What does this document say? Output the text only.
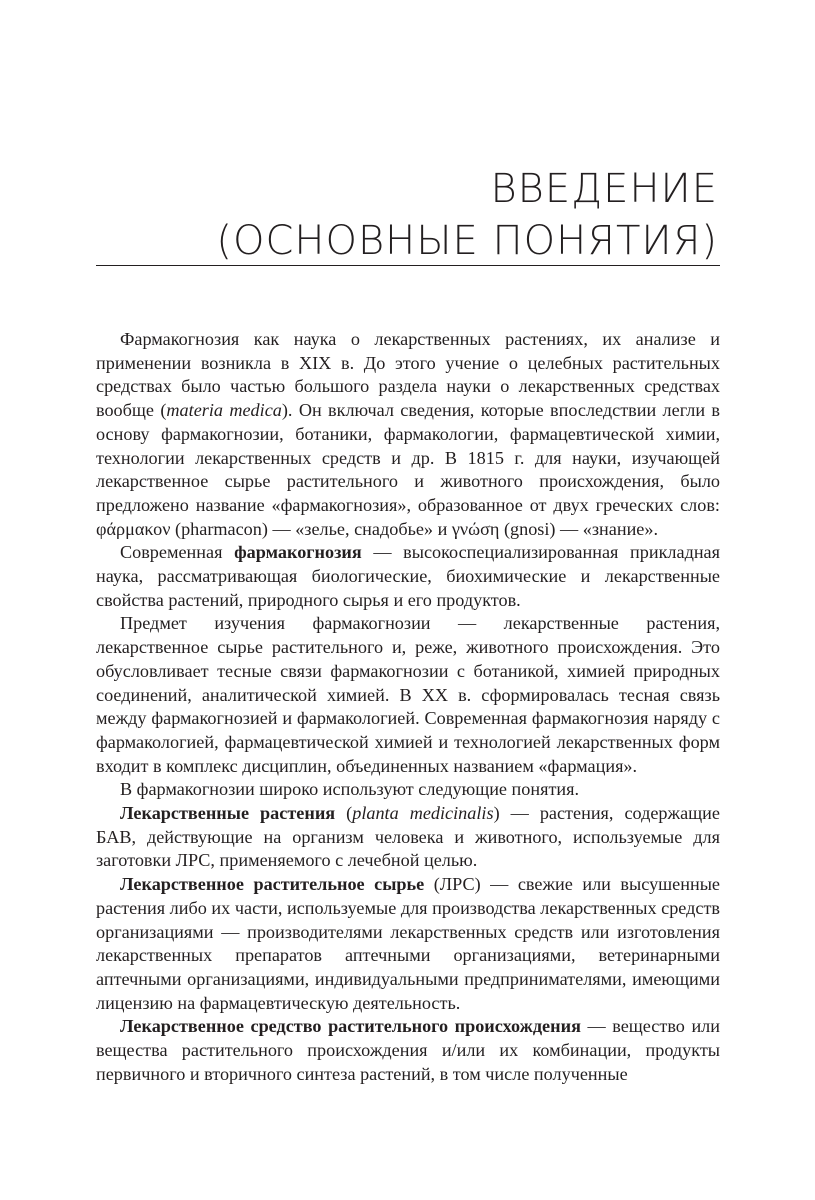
ВВЕДЕНИЕ
(ОСНОВНЫЕ ПОНЯТИЯ)

Фармакогнозия как наука о лекарственных растениях, их анализе и применении возникла в XIX в. До этого учение о целебных растительных средствах было частью большого раздела науки о лекарственных средствах вообще (materia medica). Он включал сведения, которые впоследствии легли в основу фармакогнозии, ботаники, фармакологии, фармацевтической химии, технологии лекарственных средств и др. В 1815 г. для науки, изучающей лекарственное сырье растительного и животного происхождения, было предложено название «фармакогнозия», образованное от двух греческих слов: φάρμακον (pharmacon) — «зелье, снадобье» и γνώση (gnosi) — «знание».

Современная фармакогнозия — высокоспециализированная прикладная наука, рассматривающая биологические, биохимические и лекарственные свойства растений, природного сырья и его продуктов.

Предмет изучения фармакогнозии — лекарственные растения, лекарственное сырье растительного и, реже, животного происхождения. Это обусловливает тесные связи фармакогнозии с ботаникой, химией природных соединений, аналитической химией. В XX в. сформировалась тесная связь между фармакогнозией и фармакологией. Современная фармакогнозия наряду с фармакологией, фармацевтической химией и технологией лекарственных форм входит в комплекс дисциплин, объединенных названием «фармация».

В фармакогнозии широко используют следующие понятия.

Лекарственные растения (planta medicinalis) — растения, содержащие БАВ, действующие на организм человека и животного, используемые для заготовки ЛРС, применяемого с лечебной целью.

Лекарственное растительное сырье (ЛРС) — свежие или высушенные растения либо их части, используемые для производства лекарственных средств организациями — производителями лекарственных средств или изготовления лекарственных препаратов аптечными организациями, ветеринарными аптечными организациями, индивидуальными предпринимателями, имеющими лицензию на фармацевтическую деятельность.

Лекарственное средство растительного происхождения — вещество или вещества растительного происхождения и/или их комбинации, продукты первичного и вторичного синтеза растений, в том числе полученные
